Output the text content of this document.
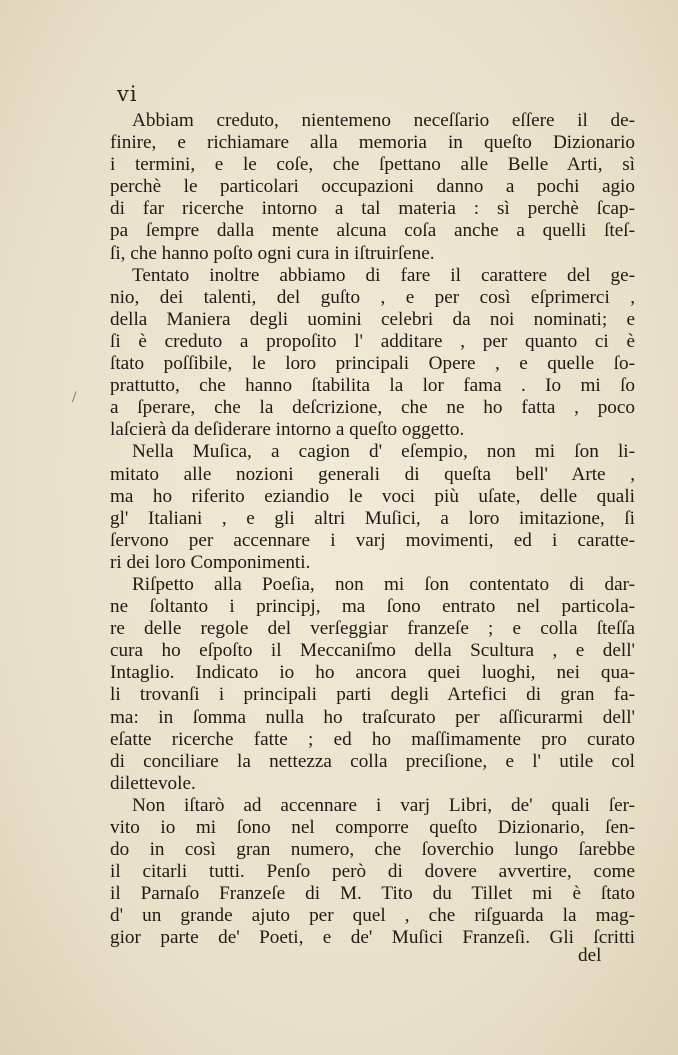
vi
/
Abbiam creduto, nientemeno neceſſario eſſere il de-
finire, e richiamare alla memoria in queſto Dizionario
i termini, e le coſe, che ſpettano alle Belle Arti, sì
perchè le particolari occupazioni danno a pochi agio
di far ricerche intorno a tal materia : sì perchè ſcap-
pa ſempre dalla mente alcuna coſa anche a quelli ſteſ-
ſi, che hanno poſto ogni cura in iſtruirſene.
Tentato inoltre abbiamo di fare il carattere del ge-
nio, dei talenti, del guſto , e per così eſprimerci ,
della Maniera degli uomini celebri da noi nominati; e
ſi è creduto a propoſito l' additare , per quanto ci è
ſtato poſſibile, le loro principali Opere , e quelle ſo-
prattutto, che hanno ſtabilita la lor fama . Io mi ſo
a ſperare, che la deſcrizione, che ne ho fatta , poco
laſcierà da deſiderare intorno a queſto oggetto.
Nella Muſica, a cagion d' eſempio, non mi ſon li-
mitato alle nozioni generali di queſta bell' Arte ,
ma ho riferito eziandio le voci più uſate, delle quali
gl' Italiani , e gli altri Muſici, a loro imitazione, ſi
ſervono per accennare i varj movimenti, ed i caratte-
ri dei loro Componimenti.
Riſpetto alla Poeſia, non mi ſon contentato di dar-
ne ſoltanto i principj, ma ſono entrato nel particola-
re delle regole del verſeggiar franzeſe ; e colla ſteſſa
cura ho eſpoſto il Meccaniſmo della Scultura , e dell'
Intaglio. Indicato io ho ancora quei luoghi, nei qua-
li trovanſi i principali parti degli Artefici di gran fa-
ma: in ſomma nulla ho traſcurato per aſſicurarmi dell'
eſatte ricerche fatte ; ed ho maſſimamente pro curato
di conciliare la nettezza colla preciſione, e l' utile col
dilettevole.
Non iſtarò ad accennare i varj Libri, de' quali ſer-
vito io mi ſono nel comporre queſto Dizionario, ſen-
do in così gran numero, che ſoverchio lungo ſarebbe
il citarli tutti. Penſo però di dovere avvertire, come
il Parnaſo Franzeſe di M. Tito du Tillet mi è ſtato
d' un grande ajuto per quel , che riſguarda la mag-
gior parte de' Poeti, e de' Muſici Franzeſi. Gli ſcritti
del
